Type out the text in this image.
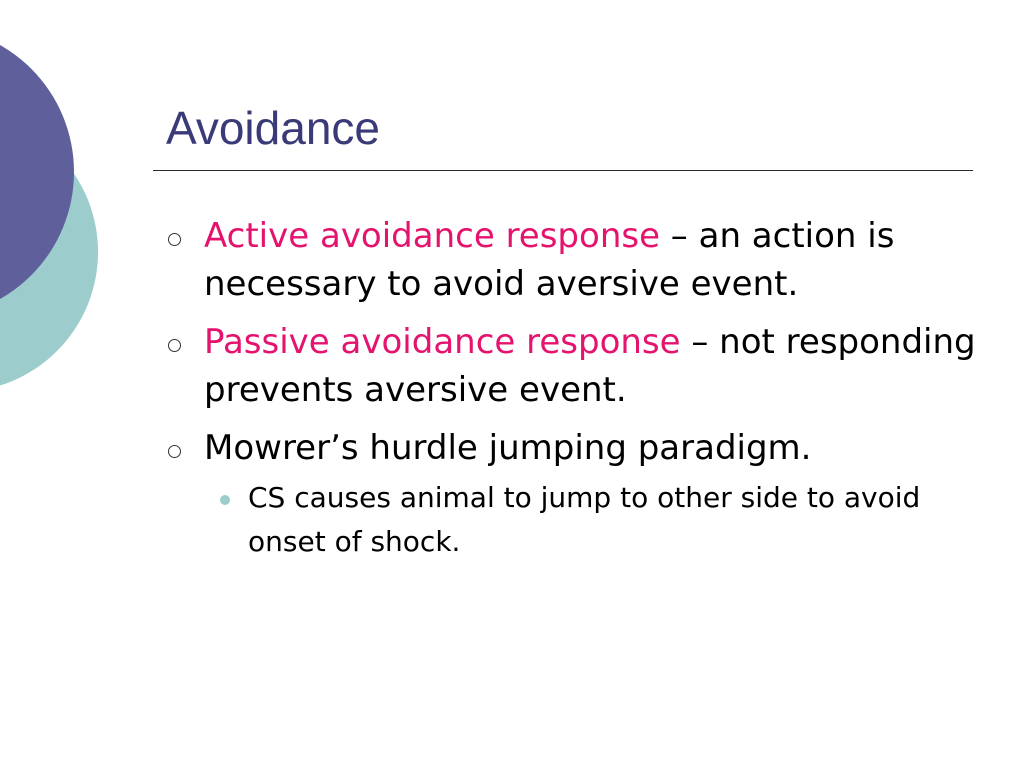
Avoidance
Active avoidance response – an action is necessary to avoid aversive event.
Passive avoidance response – not responding prevents aversive event.
Mowrer’s hurdle jumping paradigm.
CS causes animal to jump to other side to avoid onset of shock.
